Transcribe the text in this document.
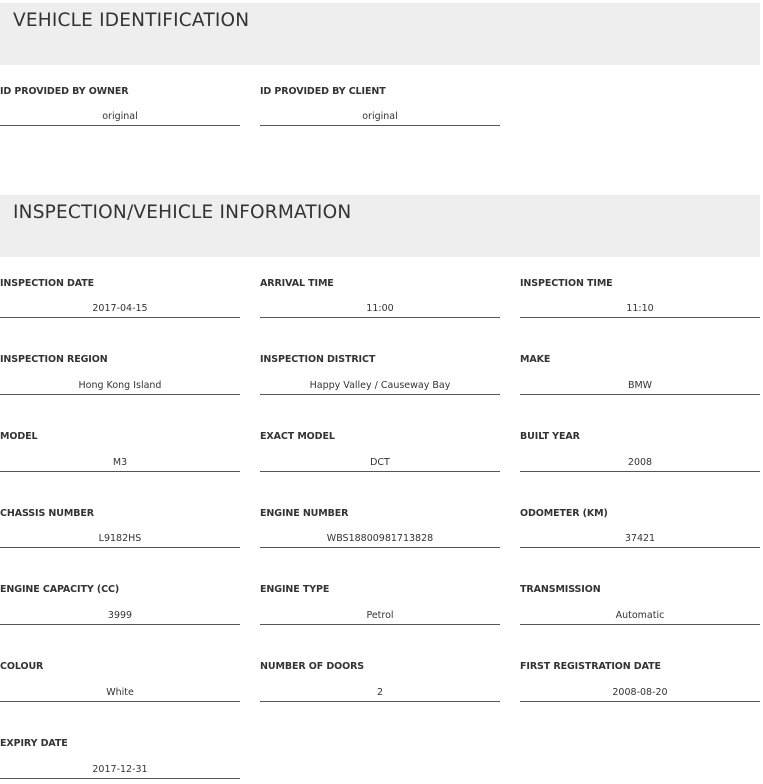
VEHICLE IDENTIFICATION
ID PROVIDED BY OWNER
original
ID PROVIDED BY CLIENT
original
INSPECTION/VEHICLE INFORMATION
INSPECTION DATE
2017-04-15
ARRIVAL TIME
11:00
INSPECTION TIME
11:10
INSPECTION REGION
Hong Kong Island
INSPECTION DISTRICT
Happy Valley / Causeway Bay
MAKE
BMW
MODEL
M3
EXACT MODEL
DCT
BUILT YEAR
2008
CHASSIS NUMBER
L9182HS
ENGINE NUMBER
WBS18800981713828
ODOMETER (KM)
37421
ENGINE CAPACITY (CC)
3999
ENGINE TYPE
Petrol
TRANSMISSION
Automatic
COLOUR
White
NUMBER OF DOORS
2
FIRST REGISTRATION DATE
2008-08-20
EXPIRY DATE
2017-12-31
